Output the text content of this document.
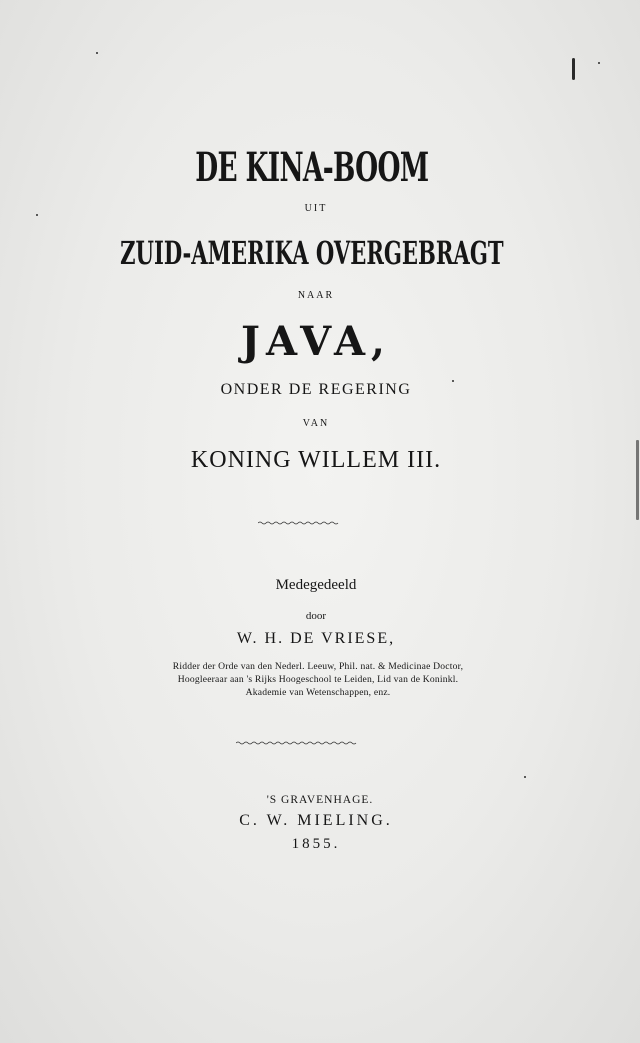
DE KINA-BOOM
UIT
ZUID-AMERIKA OVERGEBRAGT
NAAR
JAVA,
ONDER DE REGERING
VAN
KONING WILLEM III.
Medegedeeld
door
W. H. DE VRIESE,
Ridder der Orde van den Nederl. Leeuw, Phil. nat. & Medicinae Doctor,
Hoogleeraar aan 's Rijks Hoogeschool te Leiden, Lid van de Koninkl.
Akademie van Wetenschappen, enz.
'S GRAVENHAGE.
C. W. MIELING.
1855.
